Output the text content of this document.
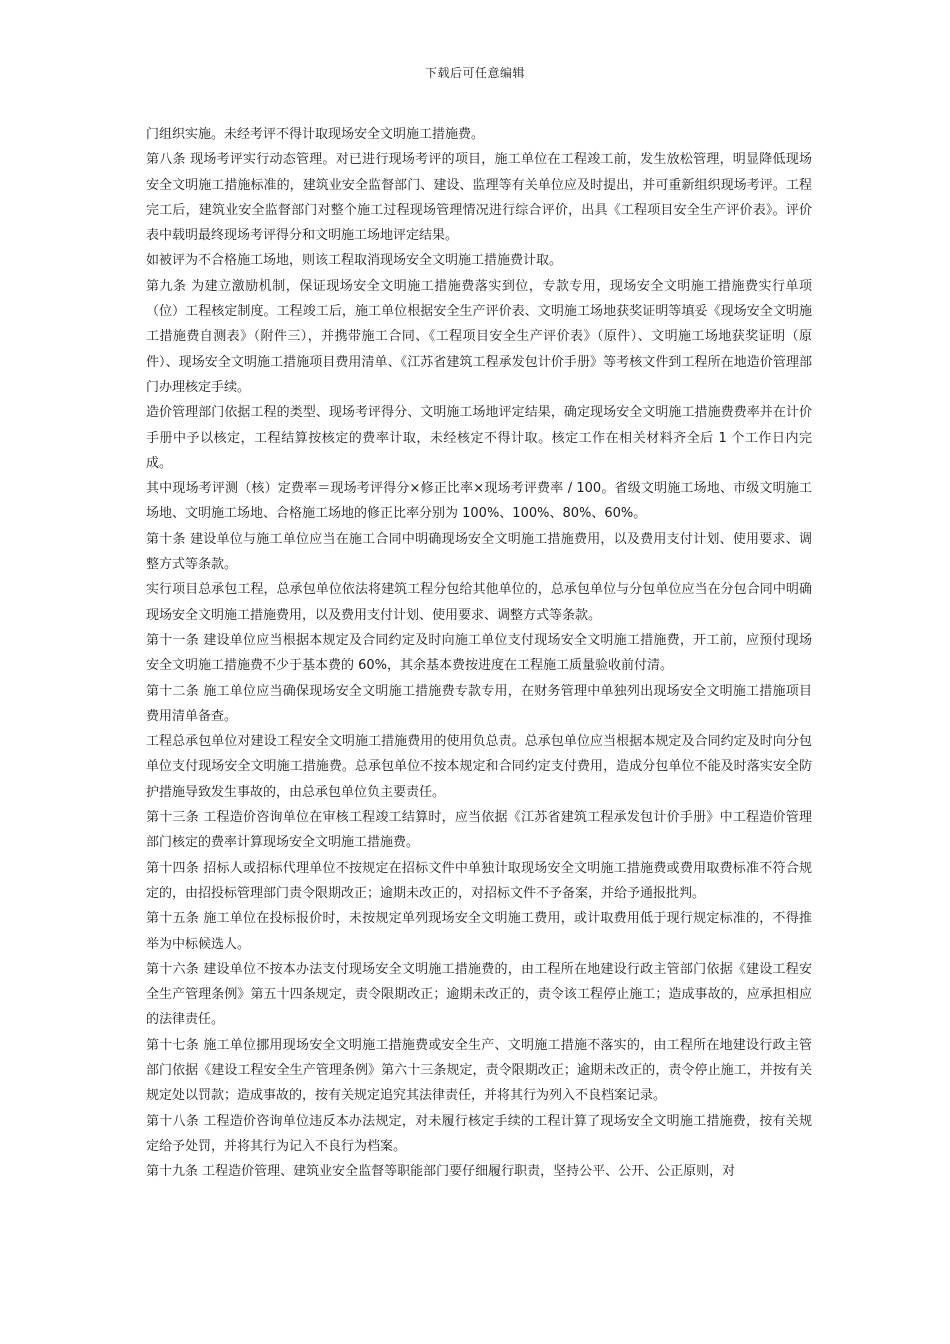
下载后可任意编辑

门组织实施。未经考评不得计取现场安全文明施工措施费。

第八条 现场考评实行动态管理。对已进行现场考评的项目，施工单位在工程竣工前，发生放松管理，明显降低现场安全文明施工措施标准的，建筑业安全监督部门、建设、监理等有关单位应及时提出，并可重新组织现场考评。工程完工后，建筑业安全监督部门对整个施工过程现场管理情况进行综合评价，出具《工程项目安全生产评价表》。评价表中载明最终现场考评得分和文明施工场地评定结果。

如被评为不合格施工场地，则该工程取消现场安全文明施工措施费计取。

第九条 为建立激励机制，保证现场安全文明施工措施费落实到位，专款专用，现场安全文明施工措施费实行单项（位）工程核定制度。工程竣工后，施工单位根据安全生产评价表、文明施工场地获奖证明等填妥《现场安全文明施工措施费自测表》（附件三），并携带施工合同、《工程项目安全生产评价表》（原件）、文明施工场地获奖证明（原件）、现场安全文明施工措施项目费用清单、《江苏省建筑工程承发包计价手册》等考核文件到工程所在地造价管理部门办理核定手续。

造价管理部门依据工程的类型、现场考评得分、文明施工场地评定结果，确定现场安全文明施工措施费费率并在计价手册中予以核定，工程结算按核定的费率计取，未经核定不得计取。核定工作在相关材料齐全后 1 个工作日内完成。

其中现场考评测（核）定费率＝现场考评得分×修正比率×现场考评费率 / 100。省级文明施工场地、市级文明施工场地、文明施工场地、合格施工场地的修正比率分别为 100%、100%、80%、60%。

第十条 建设单位与施工单位应当在施工合同中明确现场安全文明施工措施费用，以及费用支付计划、使用要求、调整方式等条款。

实行项目总承包工程，总承包单位依法将建筑工程分包给其他单位的，总承包单位与分包单位应当在分包合同中明确现场安全文明施工措施费用，以及费用支付计划、使用要求、调整方式等条款。

第十一条 建设单位应当根据本规定及合同约定及时向施工单位支付现场安全文明施工措施费，开工前，应预付现场安全文明施工措施费不少于基本费的 60%，其余基本费按进度在工程施工质量验收前付清。

第十二条 施工单位应当确保现场安全文明施工措施费专款专用，在财务管理中单独列出现场安全文明施工措施项目费用清单备查。

工程总承包单位对建设工程安全文明施工措施费用的使用负总责。总承包单位应当根据本规定及合同约定及时向分包单位支付现场安全文明施工措施费。总承包单位不按本规定和合同约定支付费用，造成分包单位不能及时落实安全防护措施导致发生事故的，由总承包单位负主要责任。

第十三条 工程造价咨询单位在审核工程竣工结算时，应当依据《江苏省建筑工程承发包计价手册》中工程造价管理部门核定的费率计算现场安全文明施工措施费。

第十四条 招标人或招标代理单位不按规定在招标文件中单独计取现场安全文明施工措施费或费用取费标准不符合规定的，由招投标管理部门责令限期改正；逾期未改正的，对招标文件不予备案，并给予通报批判。

第十五条 施工单位在投标报价时，未按规定单列现场安全文明施工费用，或计取费用低于现行规定标准的，不得推举为中标候选人。

第十六条 建设单位不按本办法支付现场安全文明施工措施费的，由工程所在地建设行政主管部门依据《建设工程安全生产管理条例》第五十四条规定，责令限期改正；逾期未改正的，责令该工程停止施工；造成事故的，应承担相应的法律责任。

第十七条 施工单位挪用现场安全文明施工措施费或安全生产、文明施工措施不落实的，由工程所在地建设行政主管部门依据《建设工程安全生产管理条例》第六十三条规定，责令限期改正；逾期未改正的，责令停止施工，并按有关规定处以罚款；造成事故的，按有关规定追究其法律责任，并将其行为列入不良档案记录。

第十八条 工程造价咨询单位违反本办法规定，对未履行核定手续的工程计算了现场安全文明施工措施费，按有关规定给予处罚，并将其行为记入不良行为档案。

第十九条 工程造价管理、建筑业安全监督等职能部门要仔细履行职责，坚持公平、公开、公正原则，对
